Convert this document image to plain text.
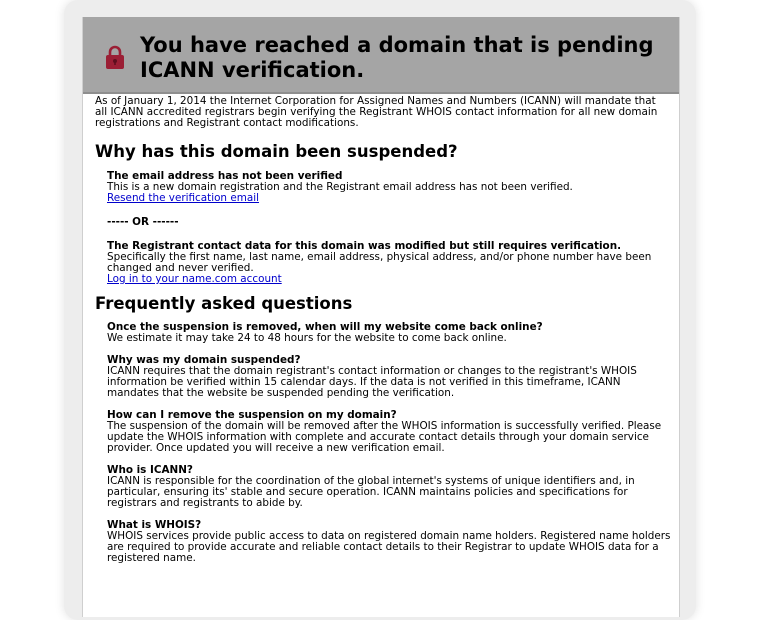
You have reached a domain that is pending ICANN verification.

As of January 1, 2014 the Internet Corporation for Assigned Names and Numbers (ICANN) will mandate that all ICANN accredited registrars begin verifying the Registrant WHOIS contact information for all new domain registrations and Registrant contact modifications.

Why has this domain been suspended?
The email address has not been verified
This is a new domain registration and the Registrant email address has not been verified.
Resend the verification email
----- OR ------
The Registrant contact data for this domain was modified but still requires verification.
Specifically the first name, last name, email address, physical address, and/or phone number have been changed and never verified.
Log in to your name.com account
Frequently asked questions
Once the suspension is removed, when will my website come back online?
We estimate it may take 24 to 48 hours for the website to come back online.
Why was my domain suspended?
ICANN requires that the domain registrant's contact information or changes to the registrant's WHOIS information be verified within 15 calendar days. If the data is not verified in this timeframe, ICANN mandates that the website be suspended pending the verification.
How can I remove the suspension on my domain?
The suspension of the domain will be removed after the WHOIS information is successfully verified. Please update the WHOIS information with complete and accurate contact details through your domain service provider. Once updated you will receive a new verification email.
Who is ICANN?
ICANN is responsible for the coordination of the global internet's systems of unique identifiers and, in particular, ensuring its' stable and secure operation. ICANN maintains policies and specifications for registrars and registrants to abide by.
What is WHOIS?
WHOIS services provide public access to data on registered domain name holders. Registered name holders are required to provide accurate and reliable contact details to their Registrar to update WHOIS data for a registered name.
